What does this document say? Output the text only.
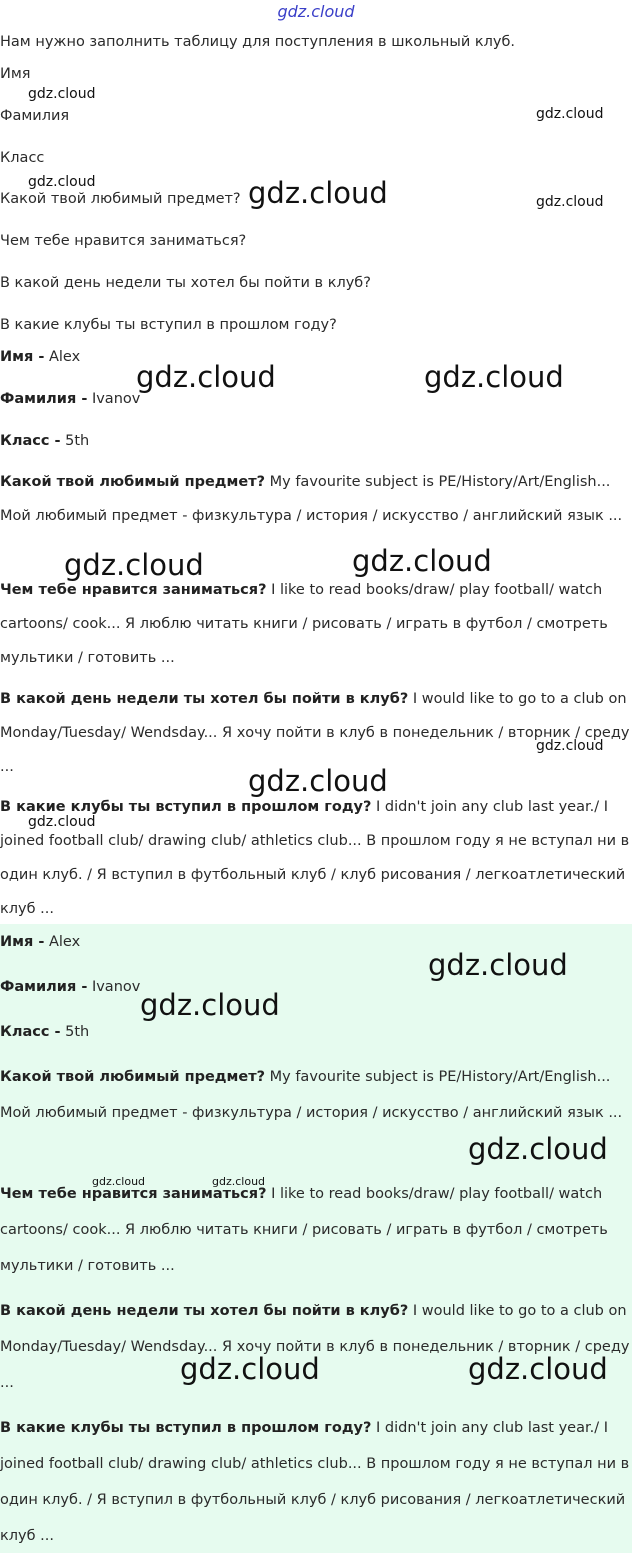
gdz.cloud

Нам нужно заполнить таблицу для поступления в школьный клуб.

Имя

Фамилия

Класс

Какой твой любимый предмет?

Чем тебе нравится заниматься?

В какой день недели ты хотел бы пойти в клуб?

В какие клубы ты вступил в прошлом году?

Имя - Alex
Фамилия - Ivanov
Класс - 5th
Какой твой любимый предмет? My favourite subject is PE/History/Art/English... Мой любимый предмет - физкультура / история / искусство / английский язык ...
Чем тебе нравится заниматься? I like to read books/draw/ play football/ watch cartoons/ cook... Я люблю читать книги / рисовать / играть в футбол / смотреть мультики / готовить ...
В какой день недели ты хотел бы пойти в клуб? I would like to go to a club on Monday/Tuesday/ Wendsday... Я хочу пойти в клуб в понедельник / вторник / среду ...
В какие клубы ты вступил в прошлом году? I didn't join any club last year./ I joined football club/ drawing club/ athletics club... В прошлом году я не вступал ни в один клуб. / Я вступил в футбольный клуб / клуб рисования / легкоатлетический клуб ...
Имя - Alex
Фамилия - Ivanov
Класс - 5th
Какой твой любимый предмет? My favourite subject is PE/History/Art/English... Мой любимый предмет - физкультура / история / искусство / английский язык ...
Чем тебе нравится заниматься? I like to read books/draw/ play football/ watch cartoons/ cook... Я люблю читать книги / рисовать / играть в футбол / смотреть мультики / готовить ...
В какой день недели ты хотел бы пойти в клуб? I would like to go to a club on Monday/Tuesday/ Wendsday... Я хочу пойти в клуб в понедельник / вторник / среду ...
В какие клубы ты вступил в прошлом году? I didn't join any club last year./ I joined football club/ drawing club/ athletics club... В прошлом году я не вступал ни в один клуб. / Я вступил в футбольный клуб / клуб рисования / легкоатлетический клуб ...
gdz.cloud
gdz.cloud
gdz.cloud	gdz.cloud	gdz.cloud
gdz.cloud	gdz.cloud
gdz.cloud	gdz.cloud
gdz.cloud
gdz.cloud
gdz.cloud
gdz.cloud
gdz.cloud
gdz.cloud
gdz.cloud	gdz.cloud
gdz.cloud	gdz.cloud
